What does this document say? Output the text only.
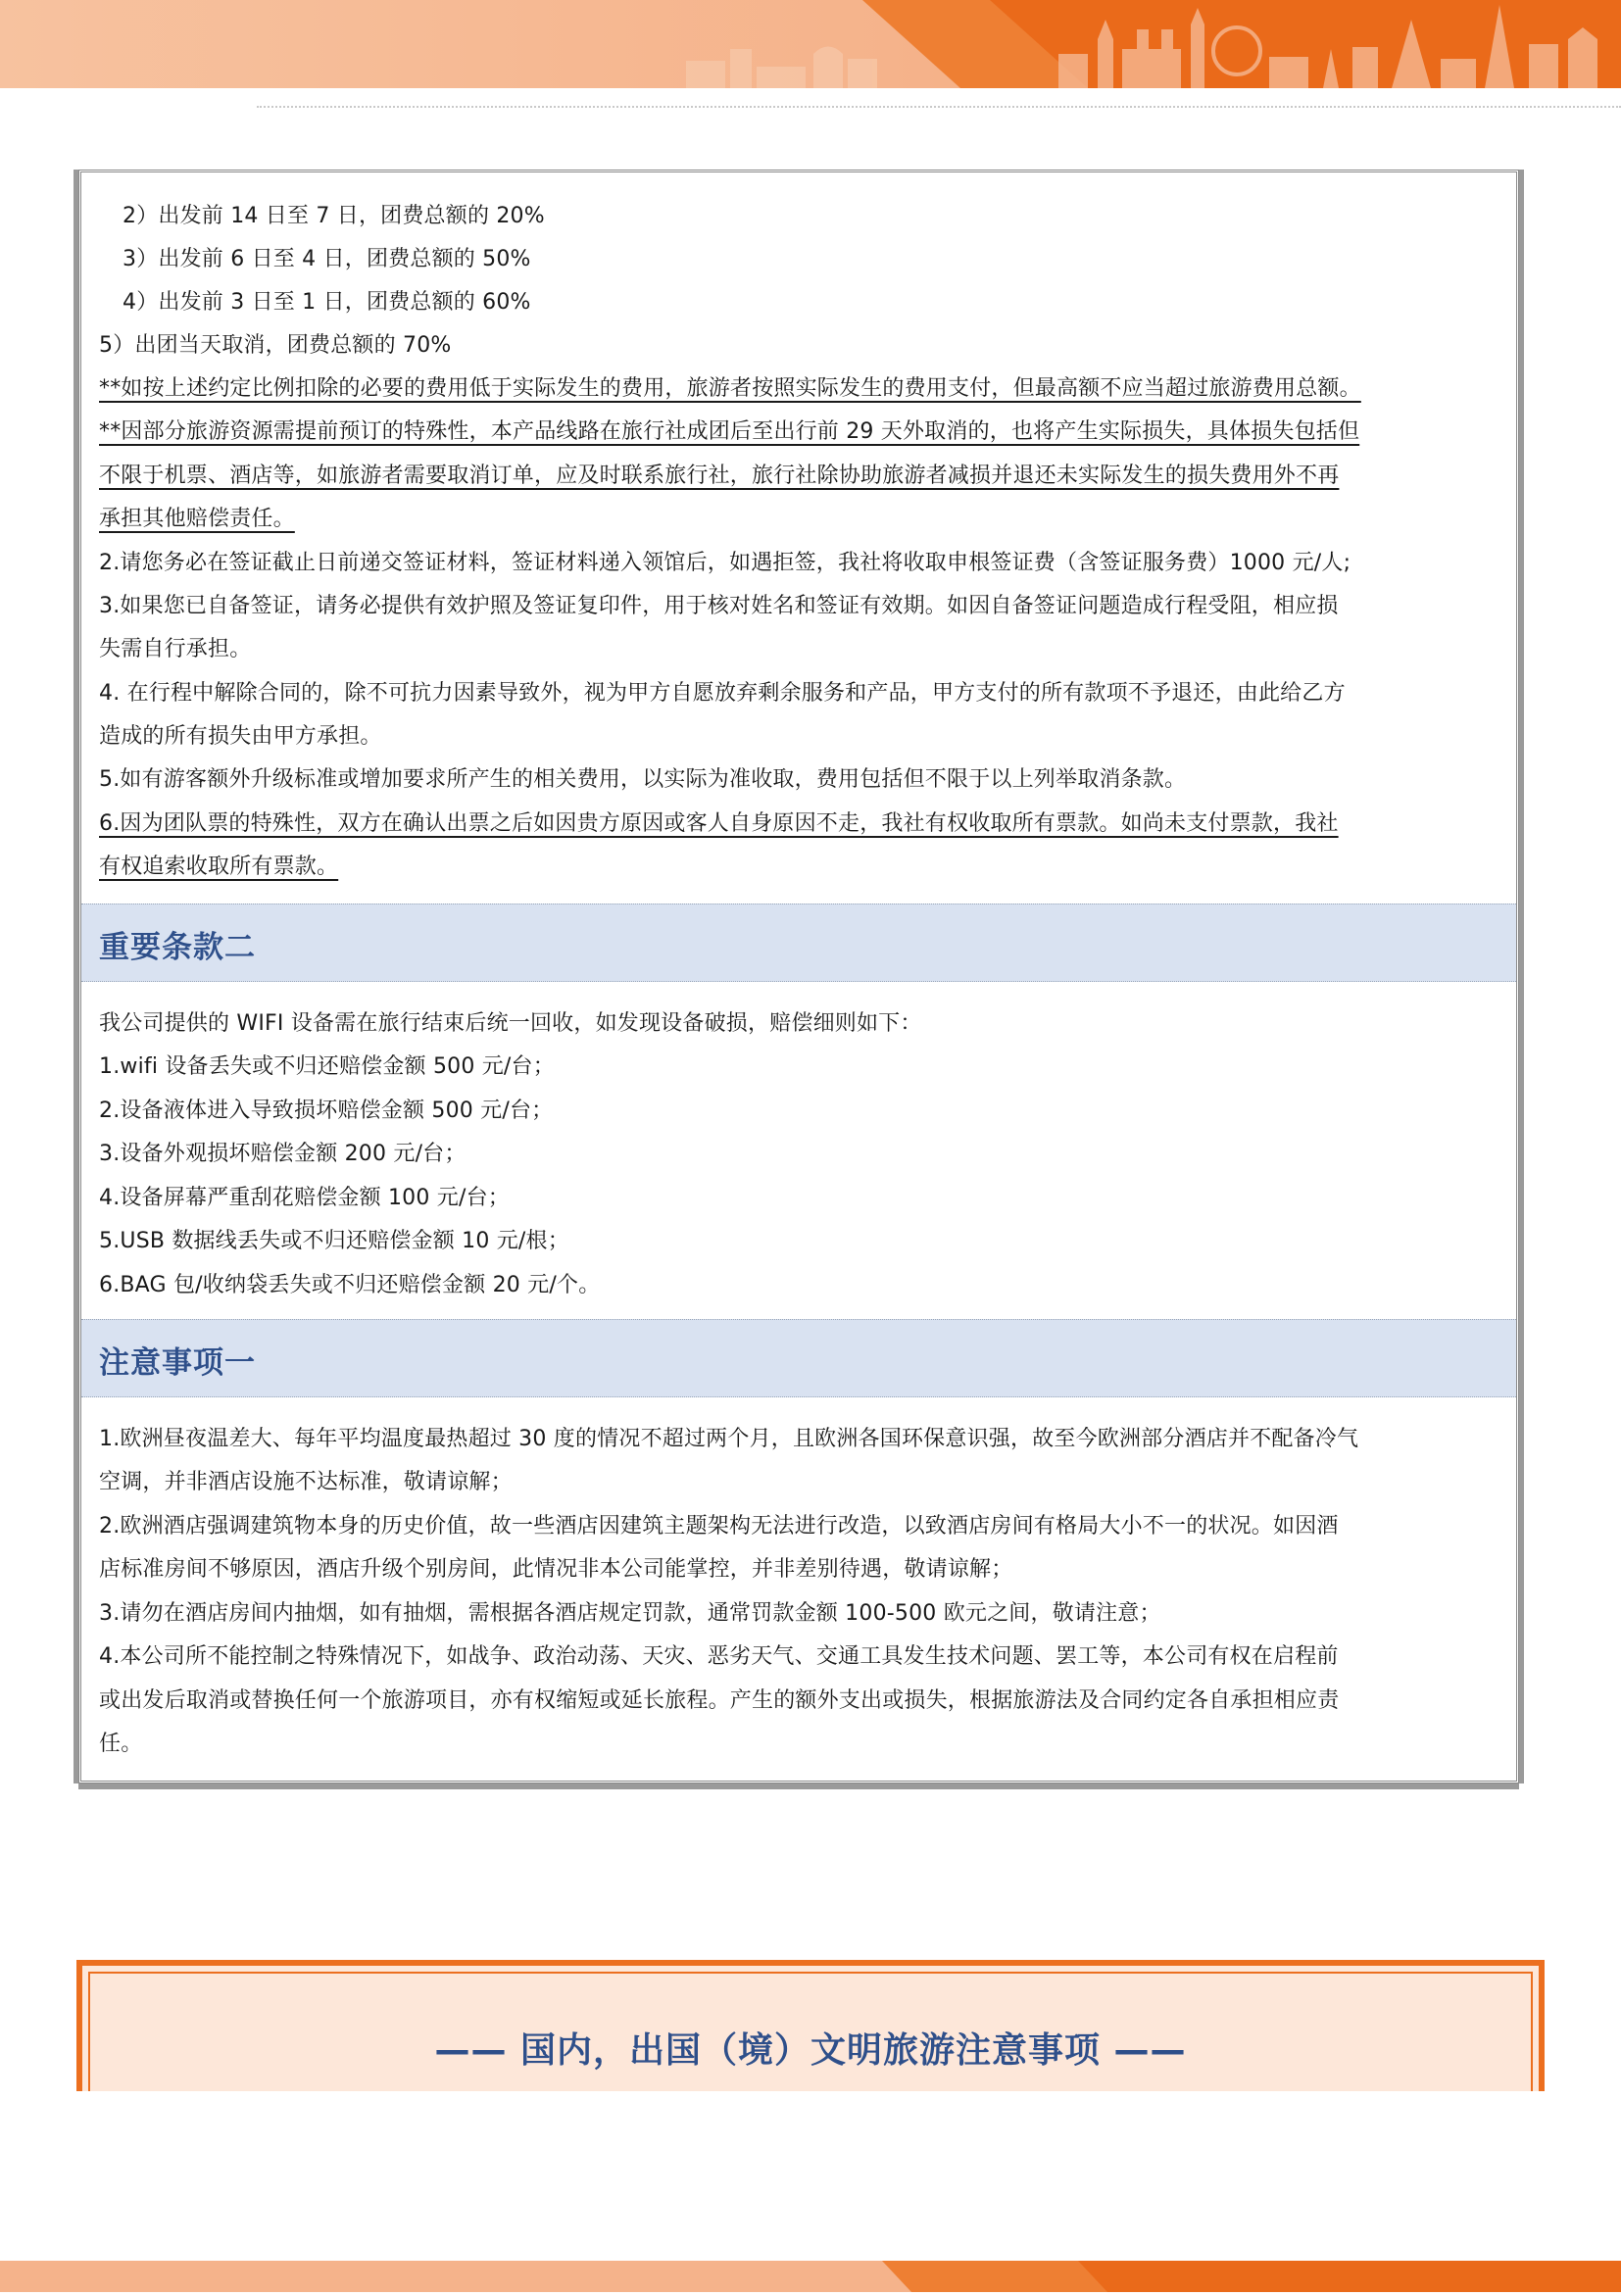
2）出发前 14 日至 7 日，团费总额的 20%
3）出发前 6 日至 4 日，团费总额的 50%
4）出发前 3 日至 1 日，团费总额的 60%
5）出团当天取消，团费总额的 70%
**如按上述约定比例扣除的必要的费用低于实际发生的费用，旅游者按照实际发生的费用支付，但最高额不应当超过旅游费用总额。
**因部分旅游资源需提前预订的特殊性，本产品线路在旅行社成团后至出行前 29 天外取消的，也将产生实际损失，具体损失包括但
不限于机票、酒店等，如旅游者需要取消订单，应及时联系旅行社，旅行社除协助旅游者减损并退还未实际发生的损失费用外不再
承担其他赔偿责任。
2.请您务必在签证截止日前递交签证材料，签证材料递入领馆后，如遇拒签，我社将收取申根签证费（含签证服务费）1000 元/人;
3.如果您已自备签证，请务必提供有效护照及签证复印件，用于核对姓名和签证有效期。如因自备签证问题造成行程受阻，相应损
失需自行承担。
4. 在行程中解除合同的，除不可抗力因素导致外，视为甲方自愿放弃剩余服务和产品，甲方支付的所有款项不予退还，由此给乙方
造成的所有损失由甲方承担。
5.如有游客额外升级标准或增加要求所产生的相关费用，以实际为准收取，费用包括但不限于以上列举取消条款。
6.因为团队票的特殊性，双方在确认出票之后如因贵方原因或客人自身原因不走，我社有权收取所有票款。如尚未支付票款，我社
有权追索收取所有票款。
重要条款二
我公司提供的 WIFI 设备需在旅行结束后统一回收，如发现设备破损，赔偿细则如下：
1.wifi 设备丢失或不归还赔偿金额 500 元/台；
2.设备液体进入导致损坏赔偿金额 500 元/台；
3.设备外观损坏赔偿金额 200 元/台；
4.设备屏幕严重刮花赔偿金额 100 元/台；
5.USB 数据线丢失或不归还赔偿金额 10 元/根；
6.BAG 包/收纳袋丢失或不归还赔偿金额 20 元/个。
注意事项一
1.欧洲昼夜温差大、每年平均温度最热超过 30 度的情况不超过两个月，且欧洲各国环保意识强，故至今欧洲部分酒店并不配备冷气
空调，并非酒店设施不达标准，敬请谅解；
2.欧洲酒店强调建筑物本身的历史价值，故一些酒店因建筑主题架构无法进行改造，以致酒店房间有格局大小不一的状况。如因酒
店标准房间不够原因，酒店升级个别房间，此情况非本公司能掌控，并非差别待遇，敬请谅解；
3.请勿在酒店房间内抽烟，如有抽烟，需根据各酒店规定罚款，通常罚款金额 100-500 欧元之间，敬请注意；
4.本公司所不能控制之特殊情况下，如战争、政治动荡、天灾、恶劣天气、交通工具发生技术问题、罢工等，本公司有权在启程前
或出发后取消或替换任何一个旅游项目，亦有权缩短或延长旅程。产生的额外支出或损失，根据旅游法及合同约定各自承担相应责
任。
—— 国内，出国（境）文明旅游注意事项 ——
